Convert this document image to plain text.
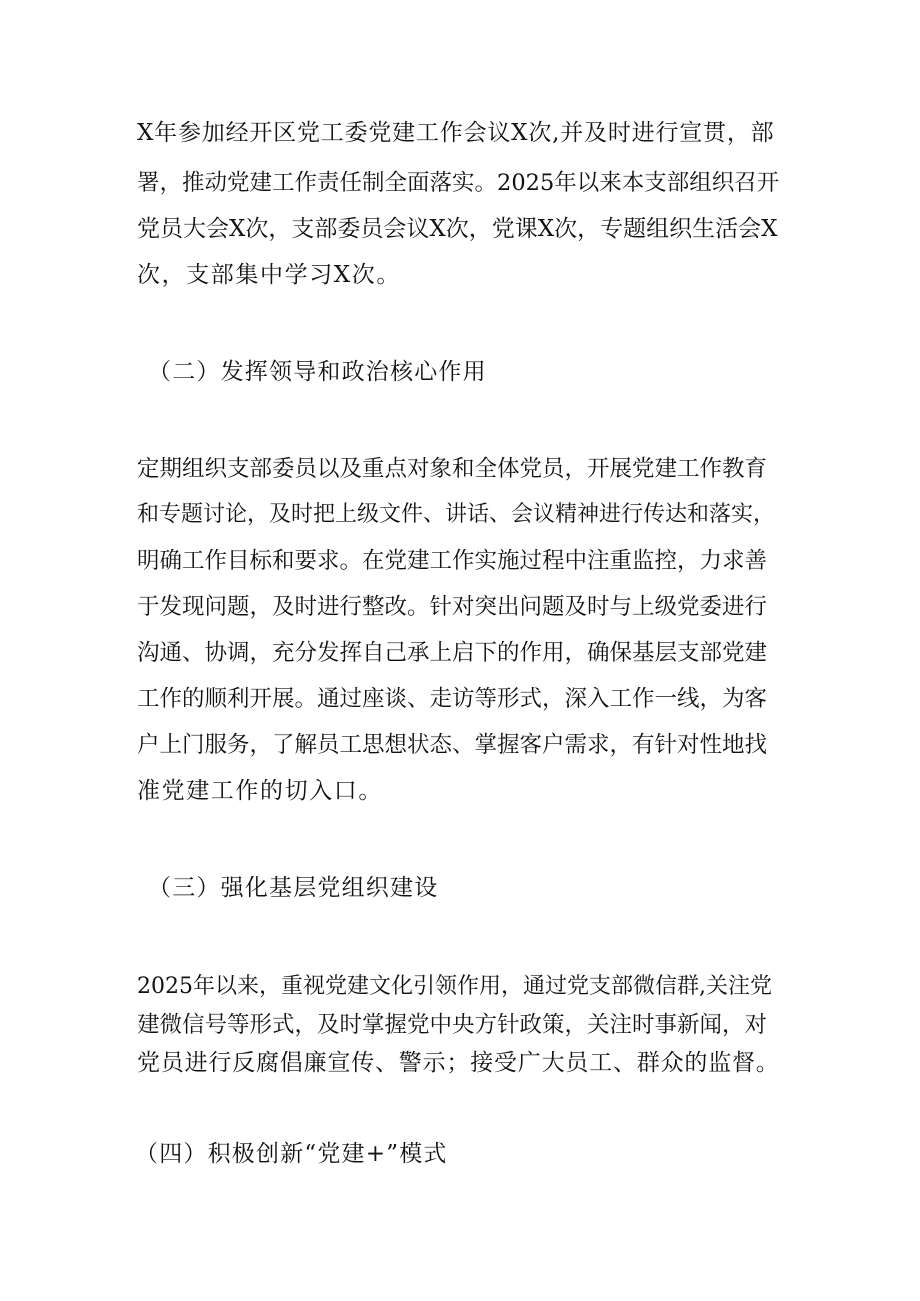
X年参加经开区党工委党建工作会议X次,并及时进行宣贯，部
署，推动党建工作责任制全面落实。2025年以来本支部组织召开
党员大会X次，支部委员会议X次，党课X次，专题组织生活会X
次，支部集中学习X次。
（二）发挥领导和政治核心作用
定期组织支部委员以及重点对象和全体党员，开展党建工作教育
和专题讨论，及时把上级文件、讲话、会议精神进行传达和落实，
明确工作目标和要求。在党建工作实施过程中注重监控，力求善
于发现问题，及时进行整改。针对突出问题及时与上级党委进行
沟通、协调，充分发挥自己承上启下的作用，确保基层支部党建
工作的顺利开展。通过座谈、走访等形式，深入工作一线，为客
户上门服务，了解员工思想状态、掌握客户需求，有针对性地找
准党建工作的切入口。
（三）强化基层党组织建设
2025年以来，重视党建文化引领作用，通过党支部微信群,关注党
建微信号等形式，及时掌握党中央方针政策，关注时事新闻，对
党员进行反腐倡廉宣传、警示；接受广大员工、群众的监督。
（四）积极创新“党建+”模式
